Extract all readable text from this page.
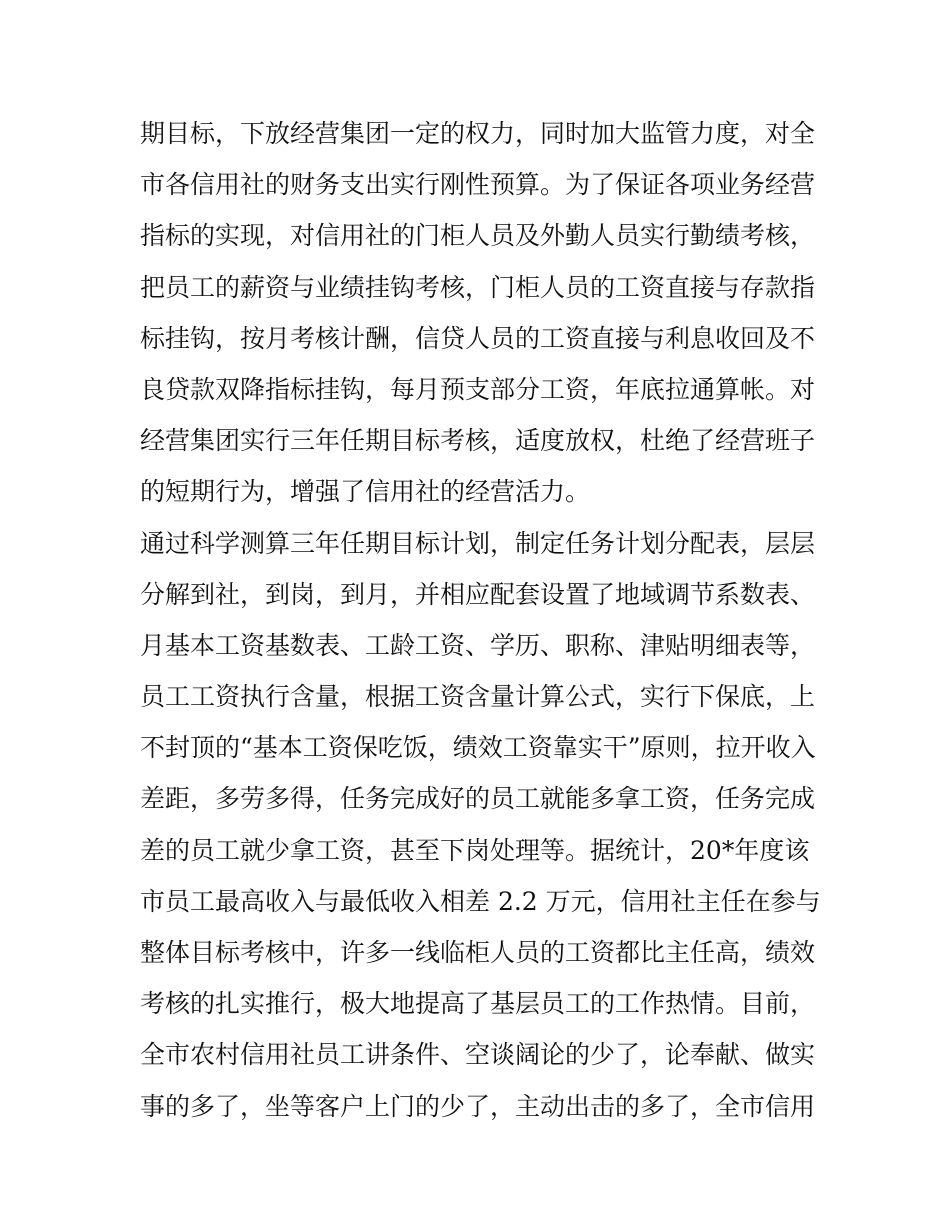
期目标，下放经营集团一定的权力，同时加大监管力度，对全
市各信用社的财务支出实行刚性预算。为了保证各项业务经营
指标的实现，对信用社的门柜人员及外勤人员实行勤绩考核，
把员工的薪资与业绩挂钩考核，门柜人员的工资直接与存款指
标挂钩，按月考核计酬，信贷人员的工资直接与利息收回及不
良贷款双降指标挂钩，每月预支部分工资，年底拉通算帐。对
经营集团实行三年任期目标考核，适度放权，杜绝了经营班子
的短期行为，增强了信用社的经营活力。
通过科学测算三年任期目标计划，制定任务计划分配表，层层
分解到社，到岗，到月，并相应配套设置了地域调节系数表、
月基本工资基数表、工龄工资、学历、职称、津贴明细表等，
员工工资执行含量，根据工资含量计算公式，实行下保底，上
不封顶的“基本工资保吃饭，绩效工资靠实干”原则，拉开收入
差距，多劳多得，任务完成好的员工就能多拿工资，任务完成
差的员工就少拿工资，甚至下岗处理等。据统计，20*年度该
市员工最高收入与最低收入相差 2.2 万元，信用社主任在参与
整体目标考核中，许多一线临柜人员的工资都比主任高，绩效
考核的扎实推行，极大地提高了基层员工的工作热情。目前，
全市农村信用社员工讲条件、空谈阔论的少了，论奉献、做实
事的多了，坐等客户上门的少了，主动出击的多了，全市信用
